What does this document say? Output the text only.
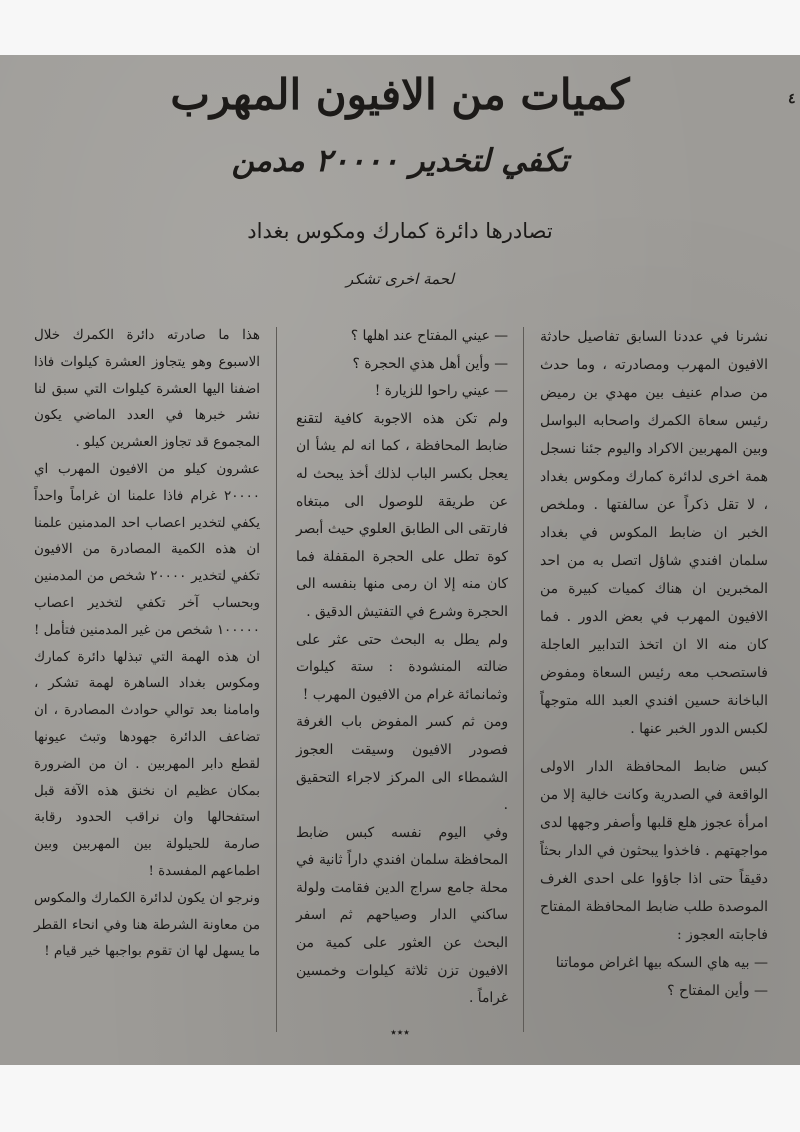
٤
كميات من الافيون المهرب
تكفي لتخدير ٢٠٠٠٠ مدمن
تصادرها دائرة كمارك ومكوس بغداد
لحمة اخرى تشكر

نشرنا في عددنا السابق تفاصيل حادثة الافيون المهرب ومصادرته ، وما حدث من صدام عنيف بين مهدي بن رميض رئيس سعاة الكمرك واصحابه البواسل وبين المهربين الاكراد واليوم جئنا نسجل همة اخرى لدائرة كمارك ومكوس بغداد ، لا تقل ذكراً عن سالفتها . وملخص الخبر ان ضابط المكوس في بغداد سلمان افندي شاؤل اتصل به من احد المخبرين ان هناك كميات كبيرة من الافيون المهرب في بعض الدور . فما كان منه الا ان اتخذ التدابير العاجلة فاستصحب معه رئيس السعاة ومفوض الباخانة حسين افندي العبد الله متوجهاً لكبس الدور الخبر عنها .

كبس ضابط المحافظة الدار الاولى الواقعة في الصدرية وكانت خالية إلا من امرأة عجوز هلع قلبها وأصفر وجهها لدى مواجهتهم . فاخذوا يبحثون في الدار بحثاً دقيقاً حتى اذا جاؤوا على احدى الغرف الموصدة طلب ضابط المحافظة المفتاح فاجابته العجوز :

— بيه هاي السكه بيها اغراض موماتنا

— وأين المفتاح ؟

— عيني المفتاح عند اهلها ؟

— وأين أهل هذي الحجرة ؟

— عيني راحوا للزيارة !

ولم تكن هذه الاجوبة كافية لتقنع ضابط المحافظة ، كما انه لم يشأ ان يعجل بكسر الباب لذلك أخذ يبحث له عن طريقة للوصول الى مبتغاه فارتقى الى الطابق العلوي حيث أبصر كوة تطل على الحجرة المقفلة فما كان منه إلا ان رمى منها بنفسه الى الحجرة وشرع في التفتيش الدقيق .

ولم يطل به البحث حتى عثر على ضالته المنشودة : ستة كيلوات وثمانمائة غرام من الافيون المهرب !

ومن ثم كسر المفوض باب الغرفة فصودر الافيون وسيقت العجوز الشمطاء الى المركز لاجراء التحقيق .

وفي اليوم نفسه كبس ضابط المحافظة سلمان افندي داراً ثانية في محلة جامع سراج الدين فقامت ولولة ساكني الدار وصياحهم ثم اسفر البحث عن العثور على كمية من الافيون تزن ثلاثة كيلوات وخمسين غراماً .

هذا ما صادرته دائرة الكمرك خلال الاسبوع وهو يتجاوز العشرة كيلوات فاذا اضفنا اليها العشرة كيلوات التي سبق لنا نشر خبرها في العدد الماضي يكون المجموع قد تجاوز العشرين كيلو .

عشرون كيلو من الافيون المهرب اي ٢٠٠٠٠ غرام فاذا علمنا ان غراماً واحداً يكفي لتخدير اعصاب احد المدمنين علمنا ان هذه الكمية المصادرة من الافيون تكفي لتخدير ٢٠٠٠٠ شخص من المدمنين وبحساب آخر تكفي لتخدير اعصاب ١٠٠٠٠٠ شخص من غير المدمنين فتأمل !

ان هذه الهمة التي تبذلها دائرة كمارك ومكوس بغداد الساهرة لهمة تشكر ، وامامنا بعد توالي حوادث المصادرة ، ان تضاعف الدائرة جهودها وتبث عيونها لقطع دابر المهربين . ان من الضرورة بمكان عظيم ان نخنق هذه الآفة قبل استفحالها وان نراقب الحدود رقابة صارمة للحيلولة بين المهربين وبين اطماعهم المفسدة !

ونرجو ان يكون لدائرة الكمارك والمكوس من معاونة الشرطة هنا وفي انحاء القطر ما يسهل لها ان تقوم بواجبها خير قيام !

٭٭٭
